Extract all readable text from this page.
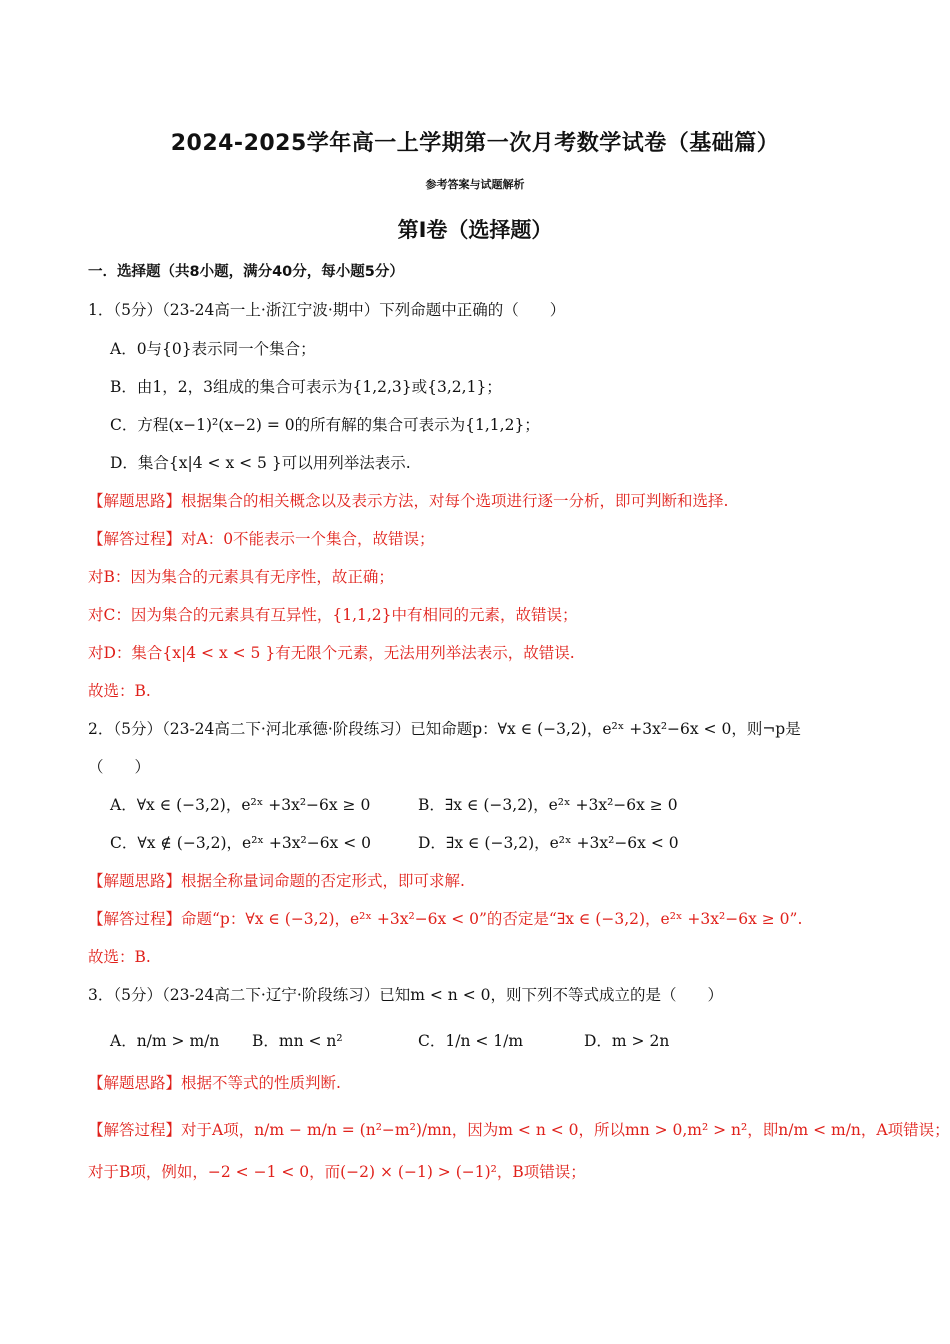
2024-2025学年高一上学期第一次月考数学试卷（基础篇）
参考答案与试题解析
第I卷（选择题）
一．选择题（共8小题，满分40分，每小题5分）
1．（5分）（23-24高一上·浙江宁波·期中）下列命题中正确的（　　）
A．0与{0}表示同一个集合；
B．由1，2，3组成的集合可表示为{1,2,3}或{3,2,1}；
C．方程(x−1)²(x−2) = 0的所有解的集合可表示为{1,1,2}；
D．集合{x|4 < x < 5 }可以用列举法表示.
【解题思路】根据集合的相关概念以及表示方法，对每个选项进行逐一分析，即可判断和选择.
【解答过程】对A：0不能表示一个集合，故错误；
对B：因为集合的元素具有无序性，故正确；
对C：因为集合的元素具有互异性，{1,1,2}中有相同的元素，故错误；
对D：集合{x|4 < x < 5 }有无限个元素，无法用列举法表示，故错误.
故选：B.
2．（5分）（23-24高二下·河北承德·阶段练习）已知命题p：∀x ∈ (−3,2)，e²ˣ +3x²−6x < 0，则¬p是
（　　）
A．∀x ∈ (−3,2)，e²ˣ +3x²−6x ≥ 0	B．∃x ∈ (−3,2)，e²ˣ +3x²−6x ≥ 0
C．∀x ∉ (−3,2)，e²ˣ +3x²−6x < 0	D．∃x ∈ (−3,2)，e²ˣ +3x²−6x < 0
【解题思路】根据全称量词命题的否定形式，即可求解.
【解答过程】命题“p：∀x ∈ (−3,2)，e²ˣ +3x²−6x < 0”的否定是“∃x ∈ (−3,2)，e²ˣ +3x²−6x ≥ 0”.
故选：B.
3．（5分）（23-24高二下·辽宁·阶段练习）已知m < n < 0，则下列不等式成立的是（　　）
A．n/m > m/n B．mn < n²	C．1/n < 1/m	D．m > 2n
【解题思路】根据不等式的性质判断.
【解答过程】对于A项，n/m − m/n = (n²−m²)/mn，因为m < n < 0，所以mn > 0,m² > n²，即n/m < m/n，A项错误；
对于B项，例如，−2 < −1 < 0，而(−2) × (−1) > (−1)²，B项错误；
